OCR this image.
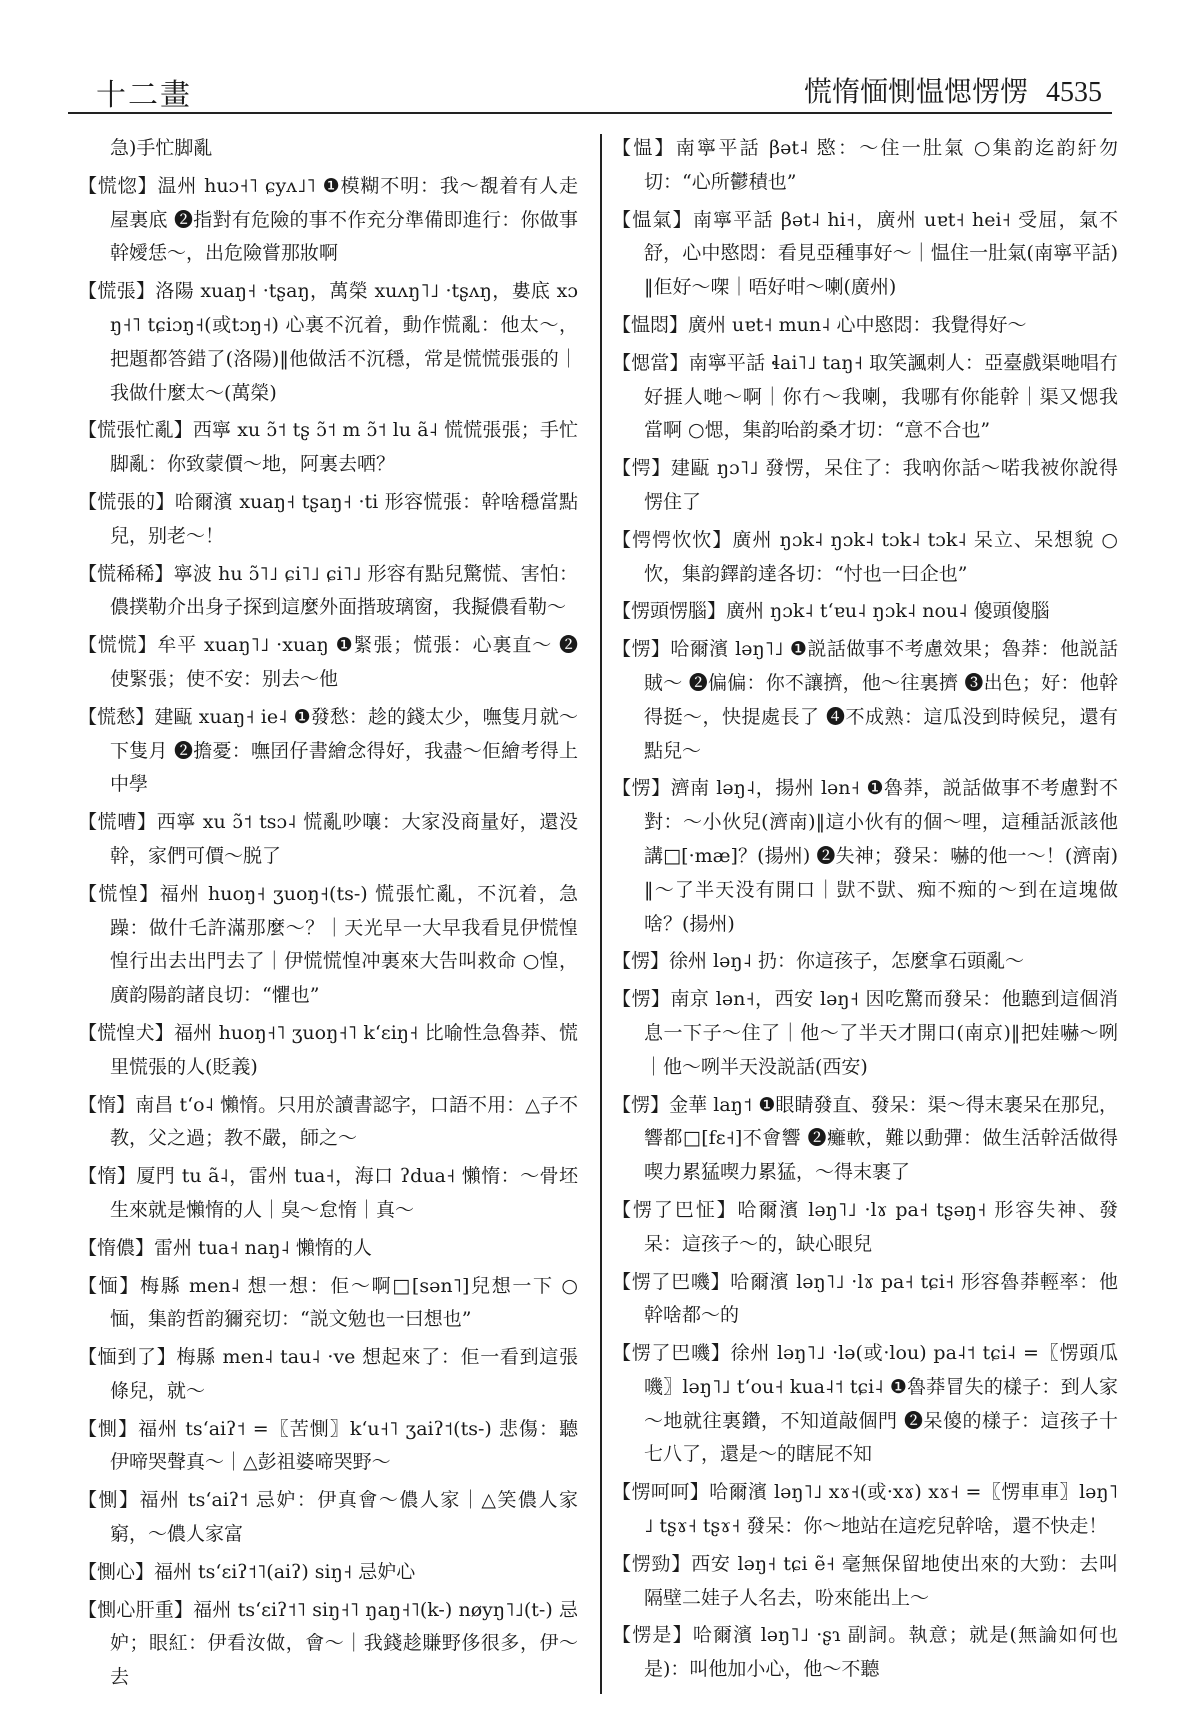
十二畫	慌惰愐惻愠愢愣愣 4535

急)手忙脚亂

【慌惚】温州 huɔ˧˥ ɕyʌ˩˥ ❶模糊不明：我～覩着有人走屋裏底 ❷指對有危險的事不作充分準備即進行：你做事幹嬡恁～，出危險嘗那妝啊

【慌張】洛陽 xuaŋ˧ ·tʂaŋ，萬榮 xuʌŋ˥˩ ·tʂʌŋ，婁底 xɔŋ˧˥ tɕiɔŋ˧(或tɔŋ˧) 心裏不沉着，動作慌亂：他太～，把題都答錯了(洛陽)‖他做活不沉穩，常是慌慌張張的｜我做什麼太～(萬榮)

【慌張忙亂】西寧 xu ɔ̃˦ tʂ ɔ̃˦ m ɔ̃˦ lu ã˨ 慌慌張張；手忙脚亂：你致蒙價～地，阿裏去哂？

【慌張的】哈爾濱 xuaŋ˧ tʂaŋ˧ ·ti 形容慌張：幹啥穩當點兒，别老～！

【慌稀稀】寧波 hu ɔ̃˥˩ ɕi˥˩ ɕi˥˩ 形容有點兒驚慌、害怕：儂撲勒介出身子探到這麼外面揩玻璃窗，我擬儂看勒～

【慌慌】牟平 xuaŋ˥˩ ·xuaŋ ❶緊張；慌張：心裏直～ ❷使緊張；使不安：别去～他

【慌愁】建甌 xuaŋ˧ ie˨ ❶發愁：趁的錢太少，嘸隻月就～下隻月 ❷擔憂：嘸囝仔書繪念得好，我盡～佢繪考得上中學

【慌嘈】西寧 xu ɔ̃˦ tsɔ˨ 慌亂吵嚷：大家没商量好，還没幹，家們可價～脱了

【慌惶】福州 huoŋ˧ ʒuoŋ˧(ts-) 慌張忙亂，不沉着，急躁：做什乇許滿那麼～？｜天光早一大早我看見伊慌惶惶行出去出門去了｜伊慌慌惶冲裏來大告叫救命 ○惶，廣韵陽韵諸良切：“懼也”

【慌惶犬】福州 huoŋ˧˥ ʒuoŋ˧˥ kʻɛiŋ˧ 比喻性急魯莽、慌里慌張的人(貶義)

【惰】南昌 tʻo˨ 懶惰。只用於讀書認字，口語不用：△子不教，父之過；教不嚴，師之～

【惰】厦門 tu ã˨，雷州 tua˧，海口 ʔdua˧ 懶惰：～骨坯生來就是懶惰的人｜臭～怠惰｜真～

【惰儂】雷州 tua˧ naŋ˨ 懶惰的人

【愐】梅縣 men˨ 想一想：佢～啊□[sən˥]兒想一下 ○愐，集韵哲韵獮兖切：“説文勉也一曰想也”

【愐到了】梅縣 men˨ tau˨ ·ve 想起來了：佢一看到這張條兒，就～

【惻】福州 tsʻaiʔ˦ =〖苦惻〗kʻu˧˥ ʒaiʔ˦(ts-) 悲傷：聽伊啼哭聲真～｜△彭祖婆啼哭野～

【惻】福州 tsʻaiʔ˦ 忌妒：伊真會～儂人家｜△笑儂人家窮，～儂人家富

【惻心】福州 tsʻεiʔ˦˥(aiʔ) siŋ˧ 忌妒心

【惻心肝重】福州 tsʻεiʔ˦˥ siŋ˧˥ ŋaŋ˧˥(k-) nøyŋ˥˩(t-) 忌妒；眼紅：伊看汝做，會～｜我錢趁賺野侈很多，伊～去

【愠】南寧平話 βət˨ 愍：～住一肚氣 ○集韵迄韵紆勿切：“心所鬱積也”

【愠氣】南寧平話 βət˨ hi˧，廣州 uɐt˧ hei˧ 受屈，氣不舒，心中愍悶：看見亞種事好～｜愠住一肚氣(南寧平話)‖佢好～㗎｜唔好咁～喇(廣州)

【愠悶】廣州 uɐt˧ mun˨ 心中愍悶：我覺得好～

【愢當】南寧平話 ɬai˥˩ taŋ˧ 取笑諷刺人：亞臺戲渠哋唱冇好捱人哋～啊｜你冇～我喇，我哪有你能幹｜渠又愢我當啊 ○愢，集韵咍韵桑才切：“意不合也”

【愕】建甌 ŋɔ˥˩ 發愣，呆住了：我吶你話～喏我被你說得愣住了

【愕愕忺忺】廣州 ŋɔk˨ ŋɔk˨ tɔk˨ tɔk˨ 呆立、呆想貌 ○忺，集韵鐸韵達各切：“忖也一曰企也”

【愣頭愣腦】廣州 ŋɔk˨ tʻɐu˨ ŋɔk˨ nou˨ 傻頭傻腦

【愣】哈爾濱 ləŋ˥˩ ❶説話做事不考慮效果；魯莽：他説話賊～ ❷偏偏：你不讓擠，他～往裏擠 ❸出色；好：他幹得挺～，快提處長了 ❹不成熟：這瓜没到時候兒，還有點兒～

【愣】濟南 ləŋ˨，揚州 lən˧ ❶魯莽，説話做事不考慮對不對：～小伙兒(濟南)‖這小伙有的個～哩，這種話派該他講□[·mæ]？(揚州) ❷失神；發呆：嚇的他一～！(濟南)‖～了半天没有開口｜獃不獃、痴不痴的～到在這塊做啥？(揚州)

【愣】徐州 ləŋ˨ 扔：你這孩子，怎麼拿石頭亂～

【愣】南京 lən˧，西安 ləŋ˧ 因吃驚而發呆：他聽到這個消息一下子～住了｜他～了半天才開口(南京)‖把娃嚇～咧｜他～咧半天没説話(西安)

【愣】金華 laŋ˦ ❶眼睛發直、發呆：渠～得末裹呆在那兒，響都□[fɛ˧]不會響 ❷癱軟，難以動彈：做生活幹活做得喫力累猛喫力累猛，～得末裹了

【愣了巴怔】哈爾濱 ləŋ˥˩ ·lɤ pa˧ tʂəŋ˧ 形容失神、發呆：這孩子～的，缺心眼兒

【愣了巴嘰】哈爾濱 ləŋ˥˩ ·lɤ pa˧ tɕi˧ 形容魯莽輕率：他幹啥都～的

【愣了巴嘰】徐州 ləŋ˥˩ ·lə(或·lou) pa˨˦ tɕi˨ =〖愣頭瓜嘰〗ləŋ˥˩ tʻou˧ kua˨˦ tɕi˨ ❶魯莽冒失的樣子：到人家～地就往裏鑽，不知道敲個門 ❷呆傻的樣子：這孩子十七八了，還是～的瞎屁不知

【愣呵呵】哈爾濱 ləŋ˥˩ xɤ˧(或·xɤ) xɤ˧ =〖愣車車〗ləŋ˥˩ tʂɤ˧ tʂɤ˧ 發呆：你～地站在這疙兒幹啥，還不快走！

【愣勁】西安 ləŋ˧ tɕi ẽ˧ 毫無保留地使出來的大勁：去叫隔壁二娃子人名去，吩來能出上～

【愣是】哈爾濱 ləŋ˥˩ ·ʂɿ 副詞。執意；就是(無論如何也是)：叫他加小心，他～不聽
